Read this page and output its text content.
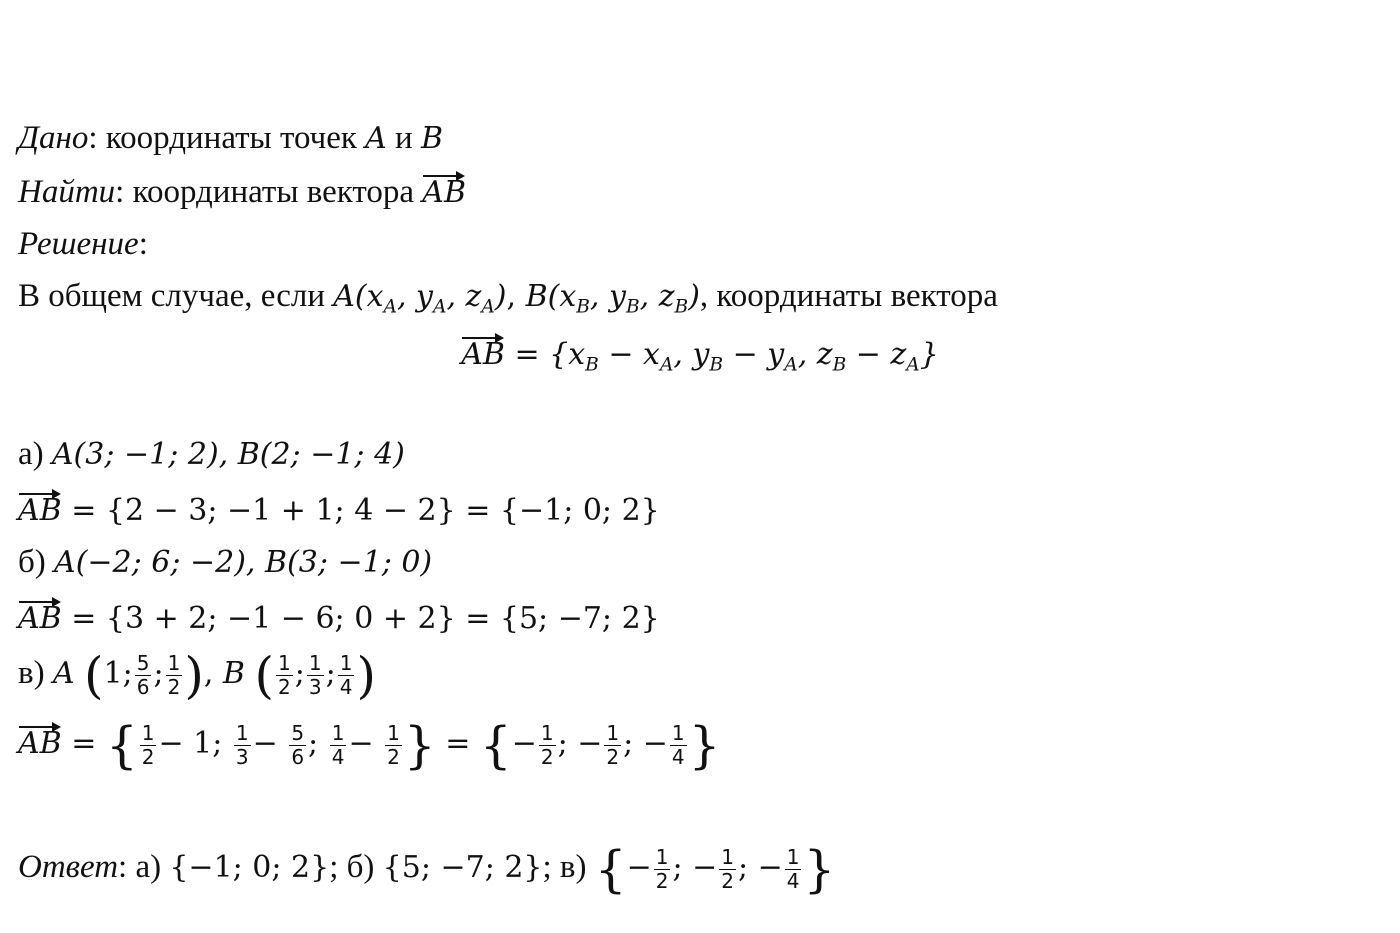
Дано: координаты точек A и B
Найти: координаты вектора AB
Решение:
В общем случае, если $A(x_A$, $y_A$, $z_A$), $B(x_B$, $y_B$, $z_B$), координаты вектора
AB = {$x_B - x_A$, $y_B - y_A$, $z_B - z_A$}
а) A(3; −1; 2), B(2; −1; 4)
AB = {2 − 3; −1 + 1; 4 − 2} = {−1; 0; 2}
б) A(−2; 6; −2), B(3; −1; 0)
AB = {3 + 2; −1 − 6; 0 + 2} = {5; −7; 2}
в) A (1; $\frac{5}{6}$ ; $\frac{1}{2}$ ), B ( $\frac{1}{2}$ ; $\frac{1}{3}$ ; $\frac{1}{4}$ )
AB = { $\frac{1}{2} - 1$; $\frac{1}{3} - \frac{5}{6}$ ; $\frac{1}{4} - \frac{1}{2}$ } = {− $\frac{1}{2}$ ; − $\frac{1}{2}$ ; − $\frac{1}{4}$ }
Ответ: а) {−1; 0; 2}; б) {5; −7; 2}; в) {− $\frac{1}{2}$ ; − $\frac{1}{2}$ ; − $\frac{1}{4}$ }
